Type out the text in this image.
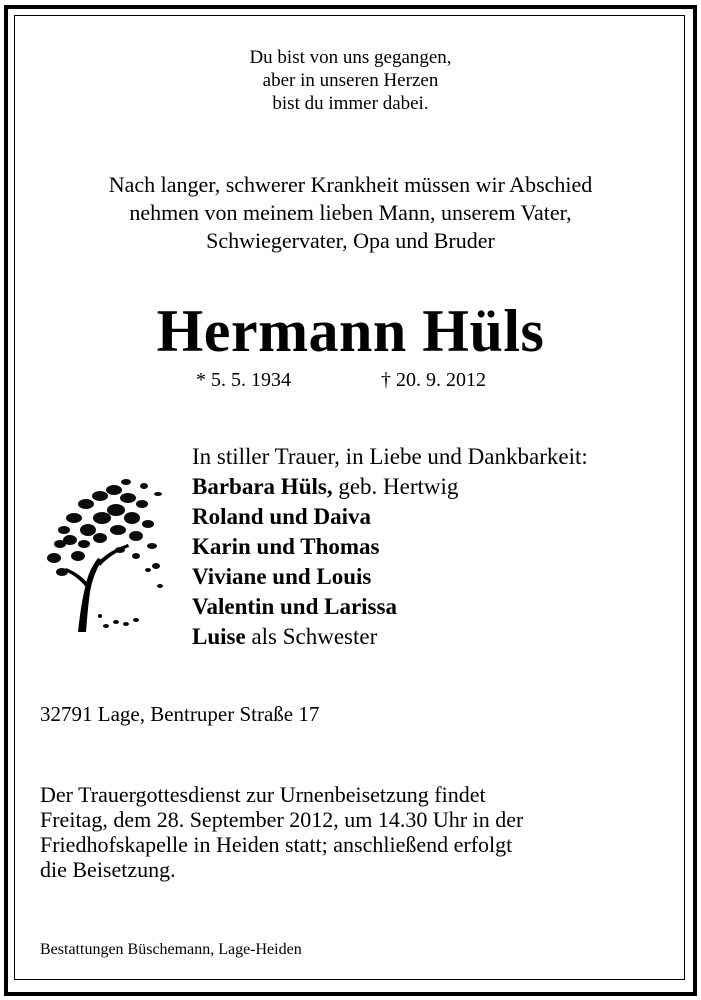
Du bist von uns gegangen,
aber in unseren Herzen
bist du immer dabei.
Nach langer, schwerer Krankheit müssen wir Abschied
nehmen von meinem lieben Mann, unserem Vater,
Schwiegervater, Opa und Bruder
Hermann Hüls
* 5. 5. 1934	† 20. 9. 2012
In stiller Trauer, in Liebe und Dankbarkeit:
Barbara Hüls, geb. Hertwig
Roland und Daiva
Karin und Thomas
Viviane und Louis
Valentin und Larissa
Luise als Schwester
32791 Lage, Bentruper Straße 17
Der Trauergottesdienst zur Urnenbeisetzung findet
Freitag, dem 28. September 2012, um 14.30 Uhr in der
Friedhofskapelle in Heiden statt; anschließend erfolgt
die Beisetzung.
Bestattungen Büschemann, Lage-Heiden
